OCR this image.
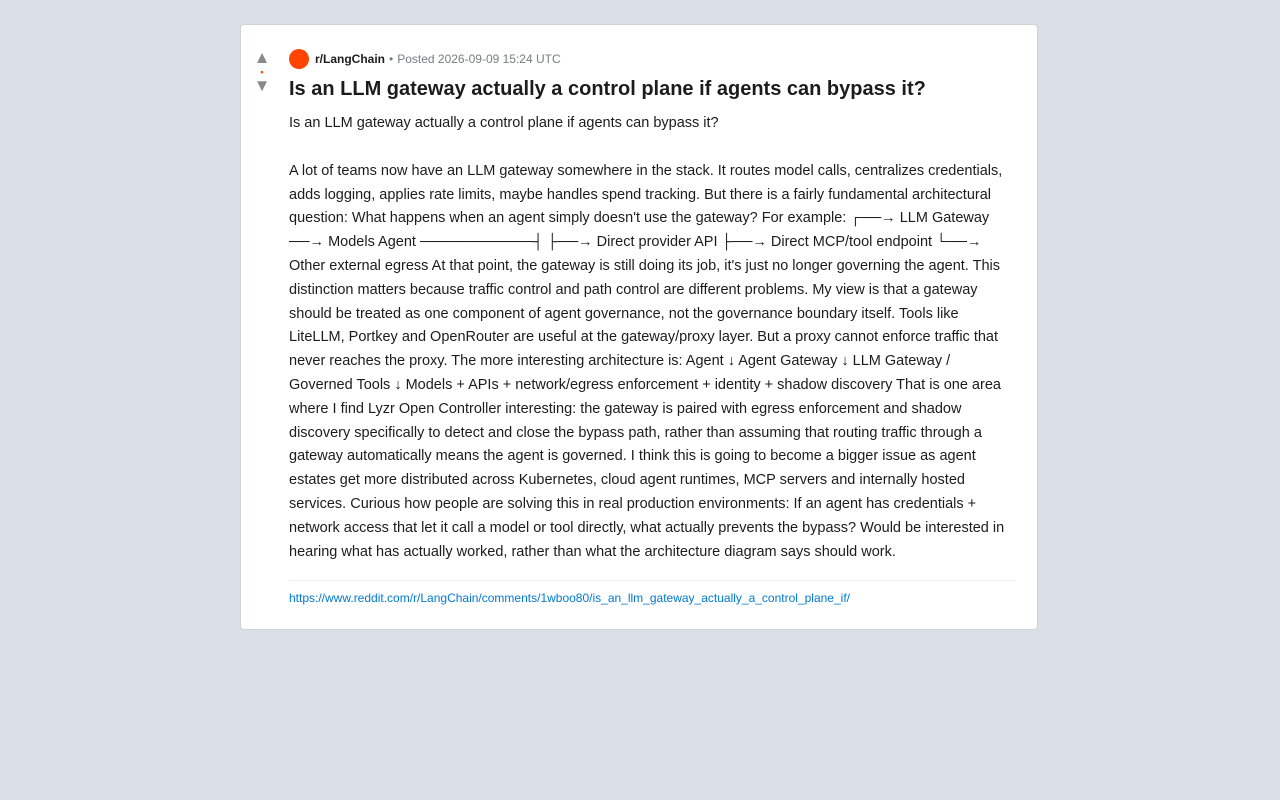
▲
•
▼
r/LangChain • Posted 2026-09-09 15:24 UTC
Is an LLM gateway actually a control plane if agents can bypass it?

Is an LLM gateway actually a control plane if agents can bypass it?

A lot of teams now have an LLM gateway somewhere in the stack. It routes model calls, centralizes credentials, adds logging, applies rate limits, maybe handles spend tracking. But there is a fairly fundamental architectural question: What happens when an agent simply doesn't use the gateway? For example: ┌──→ LLM Gateway ──→ Models Agent ───────────┤ ├──→ Direct provider API ├──→ Direct MCP/tool endpoint └──→ Other external egress At that point, the gateway is still doing its job, it's just no longer governing the agent. This distinction matters because traffic control and path control are different problems. My view is that a gateway should be treated as one component of agent governance, not the governance boundary itself. Tools like LiteLLM, Portkey and OpenRouter are useful at the gateway/proxy layer. But a proxy cannot enforce traffic that never reaches the proxy. The more interesting architecture is: Agent ↓ Agent Gateway ↓ LLM Gateway / Governed Tools ↓ Models + APIs + network/egress enforcement + identity + shadow discovery That is one area where I find Lyzr Open Controller interesting: the gateway is paired with egress enforcement and shadow discovery specifically to detect and close the bypass path, rather than assuming that routing traffic through a gateway automatically means the agent is governed. I think this is going to become a bigger issue as agent estates get more distributed across Kubernetes, cloud agent runtimes, MCP servers and internally hosted services. Curious how people are solving this in real production environments: If an agent has credentials + network access that let it call a model or tool directly, what actually prevents the bypass? Would be interested in hearing what has actually worked, rather than what the architecture diagram says should work.

https://www.reddit.com/r/LangChain/comments/1wboo80/is_an_llm_gateway_actually_a_control_plane_if/
